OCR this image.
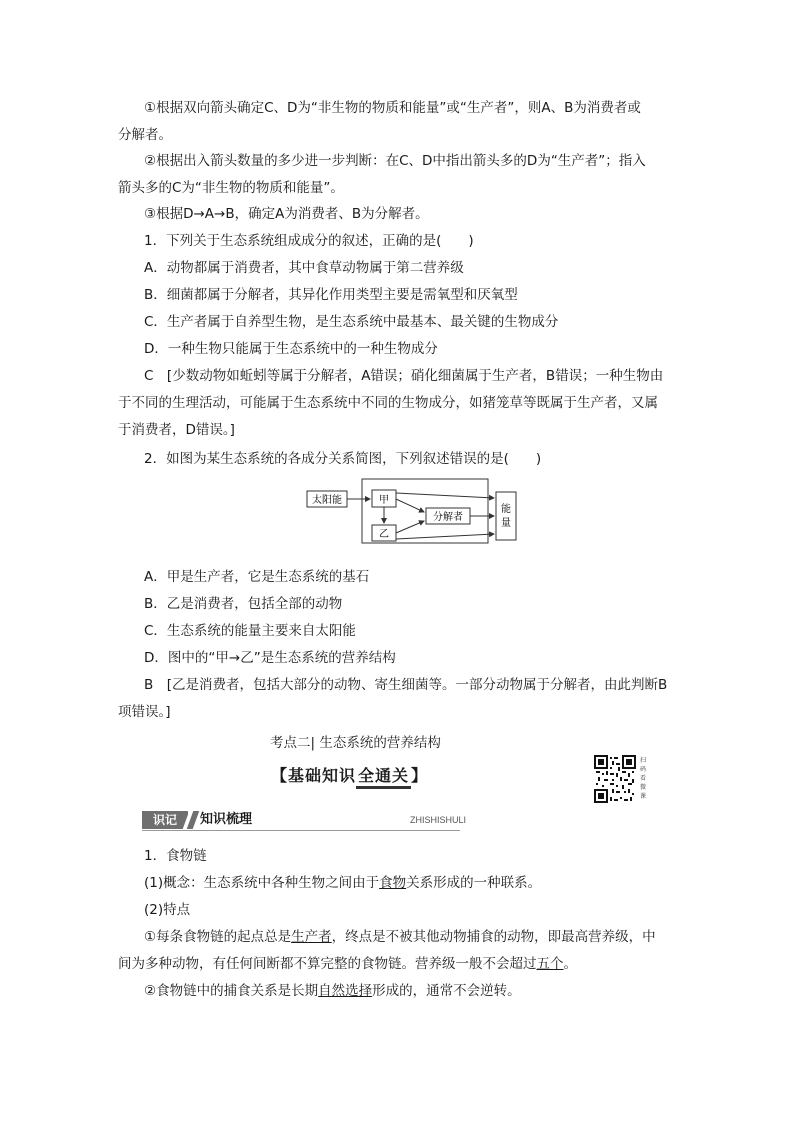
①根据双向箭头确定C、D为“非生物的物质和能量”或“生产者”，则A、B为消费者或
分解者。
②根据出入箭头数量的多少进一步判断：在C、D中指出箭头多的D为“生产者”；指入
箭头多的C为“非生物的物质和能量”。
③根据D→A→B，确定A为消费者、B为分解者。
1．下列关于生态系统组成成分的叙述，正确的是(　　)
A．动物都属于消费者，其中食草动物属于第二营养级
B．细菌都属于分解者，其异化作用类型主要是需氧型和厌氧型
C．生产者属于自养型生物，是生态系统中最基本、最关键的生物成分
D．一种生物只能属于生态系统中的一种生物成分
C　[少数动物如蚯蚓等属于分解者，A错误；硝化细菌属于生产者，B错误；一种生物由
于不同的生理活动，可能属于生态系统中不同的生物成分，如猪笼草等既属于生产者，又属
于消费者，D错误。]
2．如图为某生态系统的各成分关系简图，下列叙述错误的是(　　)
太阳能	甲
乙
分解者
能
量
A．甲是生产者，它是生态系统的基石
B．乙是消费者，包括全部的动物
C．生态系统的能量主要来自太阳能
D．图中的“甲→乙”是生态系统的营养结构
B　[乙是消费者，包括大部分的动物、寄生细菌等。一部分动物属于分解者，由此判断B
项错误。]
考点二| 生态系统的营养结构
【基础知识 全通关 】
扫码看微课
识记	知识梳理	ZHISHISHULI
1．食物链
(1)概念：生态系统中各种生物之间由于食物关系形成的一种联系。
(2)特点
①每条食物链的起点总是生产者，终点是不被其他动物捕食的动物，即最高营养级，中
间为多种动物，有任何间断都不算完整的食物链。营养级一般不会超过五个。
②食物链中的捕食关系是长期自然选择形成的，通常不会逆转。
